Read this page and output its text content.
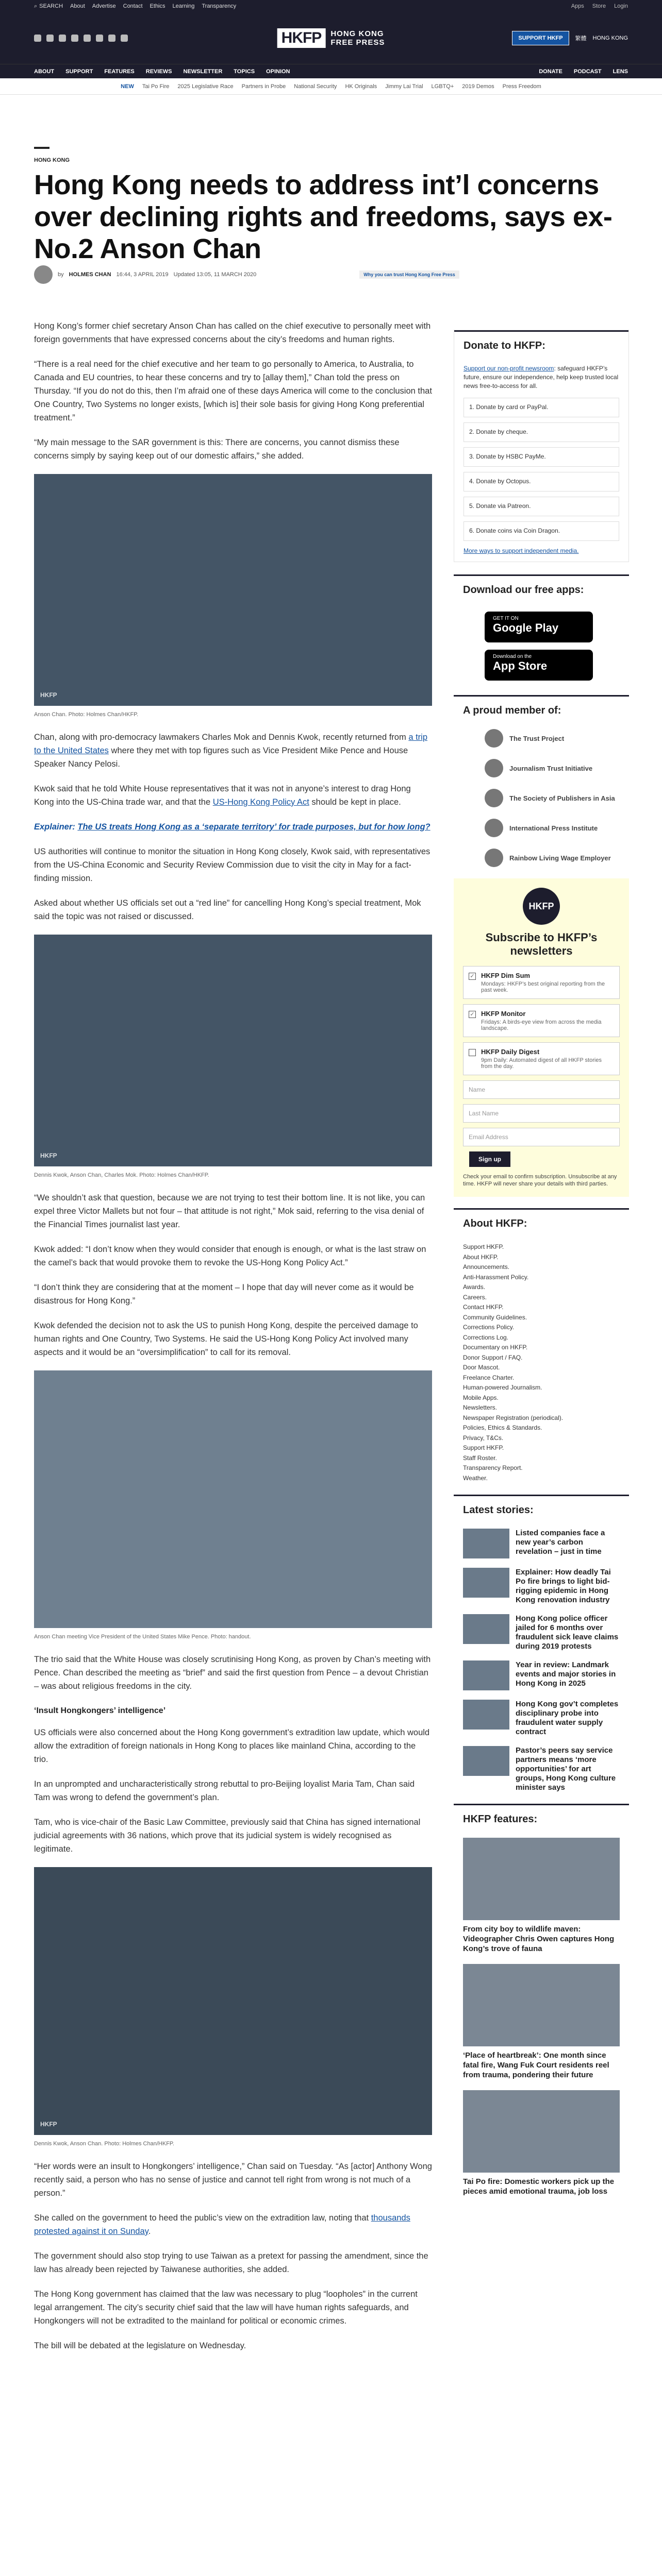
⌕ SEARCH About Advertise Contact Ethics Learning Transparency	Apps Store Login
HKFP	HONG KONG
FREE PRESS	SUPPORT HKFP	繁體 HONG KONG
ABOUT SUPPORT FEATURES REVIEWS NEWSLETTER TOPICS OPINION	DONATE PODCAST LENS
NEW Tai Po Fire 2025 Legislative Race Partners in Probe National Security HK Originals Jimmy Lai Trial LGBTQ+ 2019 Demos Press Freedom
HONG KONG
Hong Kong needs to address int’l concerns over declining rights and freedoms, says ex-No.2 Anson Chan
by HOLMES CHAN 16:44, 3 APRIL 2019 Updated 13:05, 11 MARCH 2020	Why you can trust Hong Kong Free Press

Hong Kong’s former chief secretary Anson Chan has called on the chief executive to personally meet with foreign governments that have expressed concerns about the city’s freedoms and human rights.

“There is a real need for the chief executive and her team to go personally to America, to Australia, to Canada and EU countries, to hear these concerns and try to [allay them],” Chan told the press on Thursday. “If you do not do this, then I’m afraid one of these days America will come to the conclusion that One Country, Two Systems no longer exists, [which is] their sole basis for giving Hong Kong preferential treatment.”

“My main message to the SAR government is this: There are concerns, you cannot dismiss these concerns simply by saying keep out of our domestic affairs,” she added.

HKFP
Anson Chan. Photo: Holmes Chan/HKFP.

Chan, along with pro-democracy lawmakers Charles Mok and Dennis Kwok, recently returned from a trip to the United States where they met with top figures such as Vice President Mike Pence and House Speaker Nancy Pelosi.

Kwok said that he told White House representatives that it was not in anyone’s interest to drag Hong Kong into the US-China trade war, and that the US-Hong Kong Policy Act should be kept in place.

Explainer: The US treats Hong Kong as a ‘separate territory’ for trade purposes, but for how long?

US authorities will continue to monitor the situation in Hong Kong closely, Kwok said, with representatives from the US-China Economic and Security Review Commission due to visit the city in May for a fact-finding mission.

Asked about whether US officials set out a “red line” for cancelling Hong Kong’s special treatment, Mok said the topic was not raised or discussed.

HKFP
Dennis Kwok, Anson Chan, Charles Mok. Photo: Holmes Chan/HKFP.

“We shouldn’t ask that question, because we are not trying to test their bottom line. It is not like, you can expel three Victor Mallets but not four – that attitude is not right,” Mok said, referring to the visa denial of the Financial Times journalist last year.

Kwok added: “I don’t know when they would consider that enough is enough, or what is the last straw on the camel’s back that would provoke them to revoke the US-Hong Kong Policy Act.”

“I don’t think they are considering that at the moment – I hope that day will never come as it would be disastrous for Hong Kong.”

Kwok defended the decision not to ask the US to punish Hong Kong, despite the perceived damage to human rights and One Country, Two Systems. He said the US-Hong Kong Policy Act involved many aspects and it would be an “oversimplification” to call for its removal.

Anson Chan meeting Vice President of the United States Mike Pence. Photo: handout.

The trio said that the White House was closely scrutinising Hong Kong, as proven by Chan’s meeting with Pence. Chan described the meeting as “brief” and said the first question from Pence – a devout Christian – was about religious freedoms in the city.

‘Insult Hongkongers’ intelligence’

US officials were also concerned about the Hong Kong government’s extradition law update, which would allow the extradition of foreign nationals in Hong Kong to places like mainland China, according to the trio.

In an unprompted and uncharacteristically strong rebuttal to pro-Beijing loyalist Maria Tam, Chan said Tam was wrong to defend the government’s plan.

Tam, who is vice-chair of the Basic Law Committee, previously said that China has signed international judicial agreements with 36 nations, which prove that its judicial system is widely recognised as legitimate.

HKFP
Dennis Kwok, Anson Chan. Photo: Holmes Chan/HKFP.

“Her words were an insult to Hongkongers’ intelligence,” Chan said on Tuesday. “As [actor] Anthony Wong recently said, a person who has no sense of justice and cannot tell right from wrong is not much of a person.”

She called on the government to heed the public’s view on the extradition law, noting that thousands protested against it on Sunday.

The government should also stop trying to use Taiwan as a pretext for passing the amendment, since the law has already been rejected by Taiwanese authorities, she added.

The Hong Kong government has claimed that the law was necessary to plug “loopholes” in the current legal arrangement. The city’s security chief said that the law will have human rights safeguards, and Hongkongers will not be extradited to the mainland for political or economic crimes.

The bill will be debated at the legislature on Wednesday.

Donate to HKFP:
Support our non-profit newsroom: safeguard HKFP’s future, ensure our independence, help keep trusted local news free-to-access for all.
1. Donate by card or PayPal.
2. Donate by cheque.
3. Donate by HSBC PayMe.
4. Donate by Octopus.
5. Donate via Patreon.
6. Donate coins via Coin Dragon.
More ways to support independent media.
Download our free apps:
GET IT ON
Google Play
Download on the
App Store
A proud member of:
The Trust Project
Journalism Trust Initiative
The Society of Publishers in Asia
International Press Institute
Rainbow Living Wage Employer
HKFP
Subscribe to HKFP’s newsletters
✓ HKFP Dim Sum
Mondays: HKFP’s best original reporting from the past week.
✓ HKFP Monitor
Fridays: A birds-eye view from across the media landscape.
HKFP Daily Digest
9pm Daily: Automated digest of all HKFP stories from the day.
Name
Last Name
Email Address
Sign up
Check your email to confirm subscription. Unsubscribe at any time. HKFP will never share your details with third parties.
About HKFP:
Support HKFP.
About HKFP.
Announcements.
Anti-Harassment Policy.
Awards.
Careers.
Contact HKFP.
Community Guidelines.
Corrections Policy.
Corrections Log.
Documentary on HKFP.
Donor Support / FAQ.
Door Mascot.
Freelance Charter.
Human-powered Journalism.
Mobile Apps.
Newsletters.
Newspaper Registration (periodical).
Policies, Ethics & Standards.
Privacy, T&Cs.
Support HKFP.
Staff Roster.
Transparency Report.
Weather.
Latest stories:
Listed companies face a new year’s carbon revelation – just in time
Explainer: How deadly Tai Po fire brings to light bid-rigging epidemic in Hong Kong renovation industry
Hong Kong police officer jailed for 6 months over fraudulent sick leave claims during 2019 protests
Year in review: Landmark events and major stories in Hong Kong in 2025
Hong Kong gov’t completes disciplinary probe into fraudulent water supply contract
Pastor’s peers say service partners means ‘more opportunities’ for art groups, Hong Kong culture minister says
HKFP features:
From city boy to wildlife maven: Videographer Chris Owen captures Hong Kong’s trove of fauna
‘Place of heartbreak’: One month since fatal fire, Wang Fuk Court residents reel from trauma, pondering their future
Tai Po fire: Domestic workers pick up the pieces amid emotional trauma, job loss
